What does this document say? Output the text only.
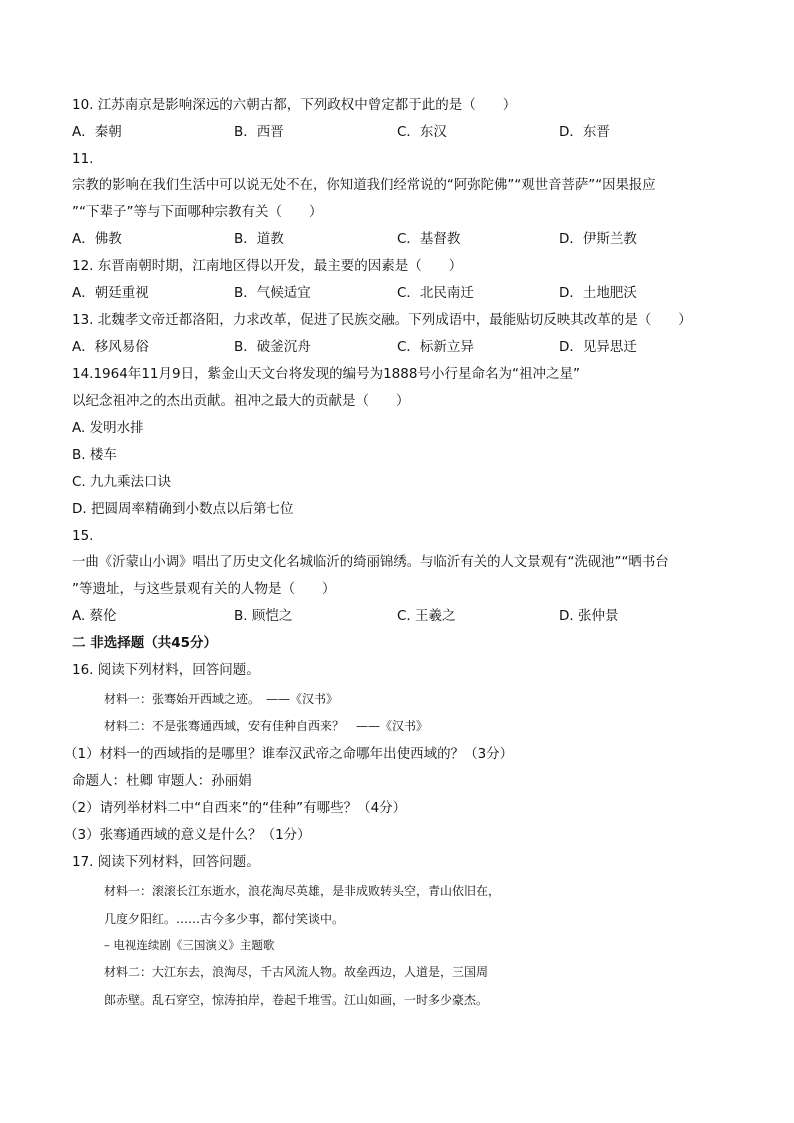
10. 江苏南京是影响深远的六朝古都，下列政权中曾定都于此的是（　　）
A．秦朝	B．西晋	C．东汉	D．东晋
11.
宗教的影响在我们生活中可以说无处不在，你知道我们经常说的“阿弥陀佛”“观世音菩萨”“因果报应
”“下辈子”等与下面哪种宗教有关（　　）
A．佛教	B．道教	C．基督教	D．伊斯兰教
12. 东晋南朝时期，江南地区得以开发，最主要的因素是（　　）
A．朝廷重视	B．气候适宜	C．北民南迁	D．土地肥沃
13. 北魏孝文帝迁都洛阳，力求改革，促进了民族交融。下列成语中，最能贴切反映其改革的是（　　）
A．移风易俗	B．破釜沉舟	C．标新立异	D．见异思迁
14.1964年11月9日，紫金山天文台将发现的编号为1888号小行星命名为“祖冲之星”
以纪念祖冲之的杰出贡献。祖冲之最大的贡献是（　　）
A. 发明水排
B. 楼车
C. 九九乘法口诀
D. 把圆周率精确到小数点以后第七位
15.
一曲《沂蒙山小调》唱出了历史文化名城临沂的绮丽锦绣。与临沂有关的人文景观有“洗砚池”“晒书台
”等遗址，与这些景观有关的人物是（　　）
A. 蔡伦	B. 顾恺之	C. 王羲之	D. 张仲景
二 非选择题（共45分）
16. 阅读下列材料，回答问题。
材料一：张骞始开西域之迹。　——《汉书》
材料二：不是张骞通西域，安有佳种自西来？　——《汉书》
（1）材料一的西域指的是哪里？谁奉汉武帝之命哪年出使西域的？（3分）
命题人：杜卿 审题人：孙丽娟
（2）请列举材料二中“自西来”的“佳种”有哪些？（4分）
（3）张骞通西域的意义是什么？（1分）
17. 阅读下列材料，回答问题。
材料一：滚滚长江东逝水，浪花淘尽英雄，是非成败转头空，青山依旧在，
几度夕阳红。……古今多少事，都付笑谈中。
– 电视连续剧《三国演义》主题歌
材料二：大江东去，浪淘尽，千古风流人物。故垒西边，人道是，三国周
郎赤壁。乱石穿空，惊涛拍岸，卷起千堆雪。江山如画，一时多少豪杰。
